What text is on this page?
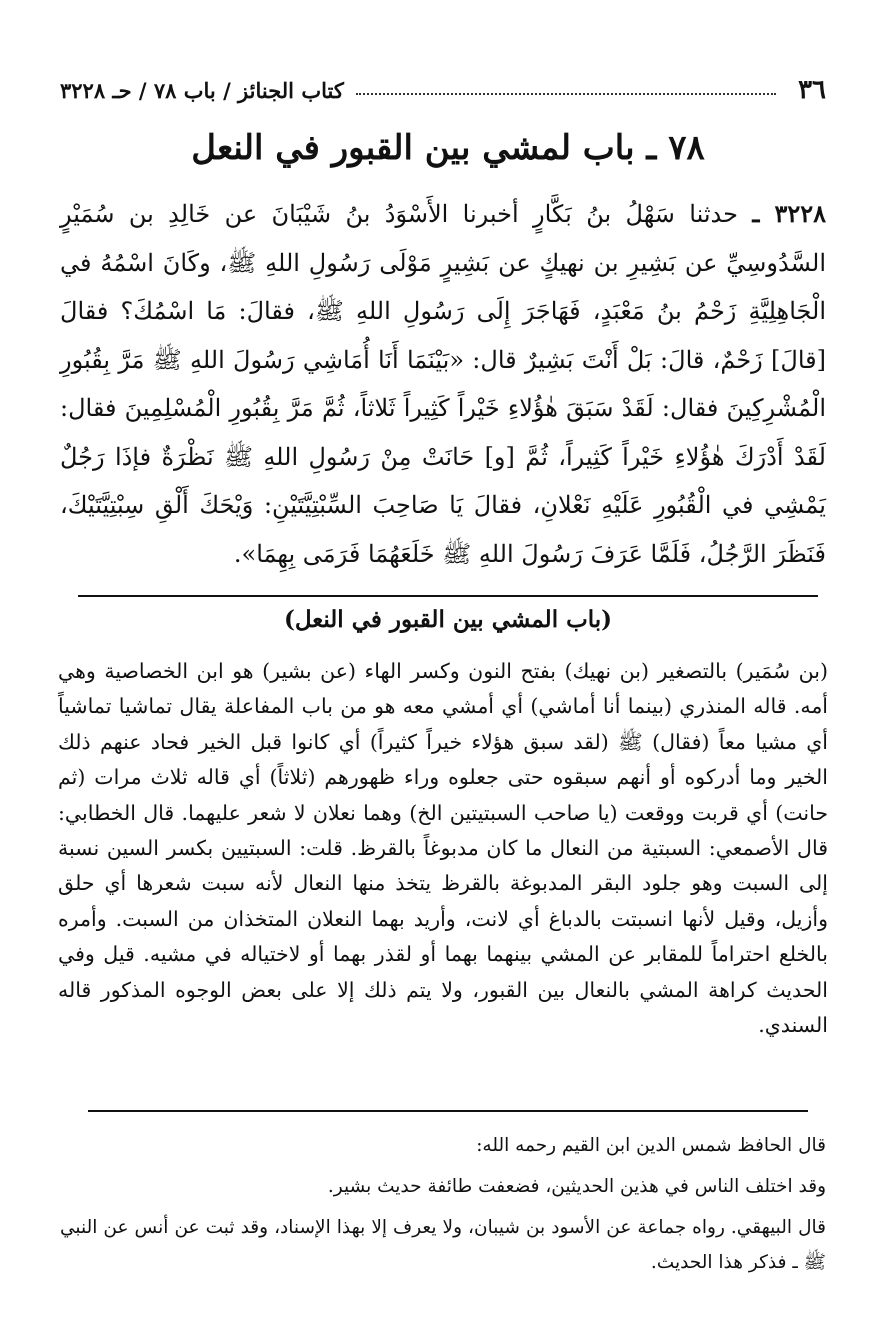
٣٦
كتاب الجنائز / باب ٧٨ / حـ ٣٢٢٨
٧٨ ـ باب لمشي بين القبور في النعل
٣٢٢٨ ـ حدثنا سَهْلُ بنُ بَكَّارٍ أخبرنا الأَسْوَدُ بنُ شَيْبَانَ عن خَالِدِ بن سُمَيْرٍ السَّدُوسِيِّ عن بَشِيرِ بن نهيكٍ عن بَشِيرٍ مَوْلَى رَسُولِ اللهِ ﷺ، وكَانَ اسْمُهُ في الْجَاهِلِيَّةِ زَحْمُ بنُ مَعْبَدٍ، فَهَاجَرَ إِلَى رَسُولِ اللهِ ﷺ، فقالَ: مَا اسْمُكَ؟ فقالَ [قالَ] زَحْمٌ، قالَ: بَلْ أَنْتَ بَشِيرٌ قال: «بَيْنَمَا أَنَا أُمَاشِي رَسُولَ اللهِ ﷺ مَرَّ بِقُبُورِ الْمُشْرِكِينَ فقال: لَقَدْ سَبَقَ هٰؤُلاءِ خَيْراً كَثِيراً ثَلاثاً، ثُمَّ مَرَّ بِقُبُورِ الْمُسْلِمِينَ فقال: لَقَدْ أَدْرَكَ هٰؤُلاءِ خَيْراً كَثِيراً، ثُمَّ [و] حَانَتْ مِنْ رَسُولِ اللهِ ﷺ نَظْرَةٌ فإذَا رَجُلٌ يَمْشِي في الْقُبُورِ عَلَيْهِ نَعْلانِ، فقالَ يَا صَاحِبَ السِّبْتِيَّتَيْنِ: وَيْحَكَ أَلْقِ سِبْتِيَّتَيْكَ، فَنَظَرَ الرَّجُلُ، فَلَمَّا عَرَفَ رَسُولَ اللهِ ﷺ خَلَعَهُمَا فَرَمَى بِهِمَا».
(باب المشي بين القبور في النعل)
(بن سُمَير) بالتصغير (بن نهيك) بفتح النون وكسر الهاء (عن بشير) هو ابن الخصاصية وهي أمه. قاله المنذري (بينما أنا أماشي) أي أمشي معه هو من باب المفاعلة يقال تماشيا تماشياً أي مشيا معاً (فقال) ﷺ (لقد سبق هؤلاء خيراً كثيراً) أي كانوا قبل الخير فحاد عنهم ذلك الخير وما أدركوه أو أنهم سبقوه حتى جعلوه وراء ظهورهم (ثلاثاً) أي قاله ثلاث مرات (ثم حانت) أي قربت ووقعت (يا صاحب السبتيتين الخ) وهما نعلان لا شعر عليهما. قال الخطابي: قال الأصمعي: السبتية من النعال ما كان مدبوغاً بالقرظ. قلت: السبتيين بكسر السين نسبة إلى السبت وهو جلود البقر المدبوغة بالقرظ يتخذ منها النعال لأنه سبت شعرها أي حلق وأزيل، وقيل لأنها انسبتت بالدباغ أي لانت، وأريد بهما النعلان المتخذان من السبت. وأمره بالخلع احتراماً للمقابر عن المشي بينهما بهما أو لقذر بهما أو لاختياله في مشيه. قيل وفي الحديث كراهة المشي بالنعال بين القبور، ولا يتم ذلك إلا على بعض الوجوه المذكور قاله السندي.

قال الحافظ شمس الدين ابن القيم رحمه الله:

وقد اختلف الناس في هذين الحديثين، فضعفت طائفة حديث بشير.

قال البيهقي. رواه جماعة عن الأسود بن شيبان، ولا يعرف إلا بهذا الإسناد، وقد ثبت عن أنس عن النبي ﷺ ـ فذكر هذا الحديث.
